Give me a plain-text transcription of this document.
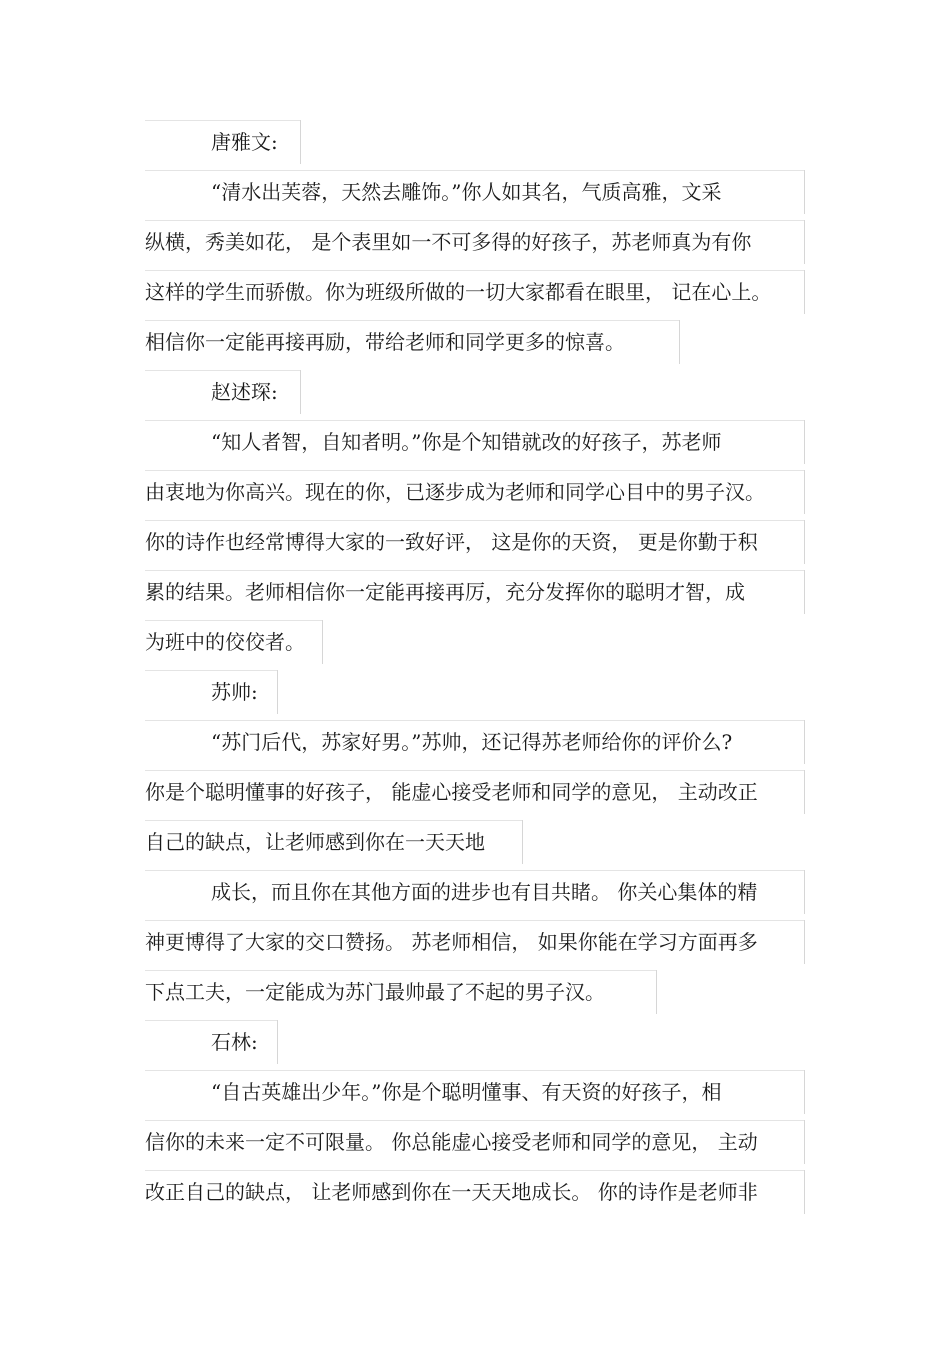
唐雅文:
“清水出芙蓉，天然去雕饰。”你人如其名，气质高雅，文采
纵横，秀美如花， 是个表里如一不可多得的好孩子，苏老师真为有你
这样的学生而骄傲。你为班级所做的一切大家都看在眼里， 记在心上。
相信你一定能再接再励，带给老师和同学更多的惊喜。
赵述琛:
“知人者智，自知者明。”你是个知错就改的好孩子，苏老师
由衷地为你高兴。现在的你，已逐步成为老师和同学心目中的男子汉。
你的诗作也经常博得大家的一致好评， 这是你的天资， 更是你勤于积
累的结果。老师相信你一定能再接再厉，充分发挥你的聪明才智，成
为班中的佼佼者。
苏帅:
“苏门后代，苏家好男。”苏帅，还记得苏老师给你的评价么?
你是个聪明懂事的好孩子， 能虚心接受老师和同学的意见， 主动改正
自己的缺点，让老师感到你在一天天地
成长，而且你在其他方面的进步也有目共睹。 你关心集体的精
神更博得了大家的交口赞扬。 苏老师相信， 如果你能在学习方面再多
下点工夫，一定能成为苏门最帅最了不起的男子汉。
石林:
“自古英雄出少年。”你是个聪明懂事、有天资的好孩子，相
信你的未来一定不可限量。 你总能虚心接受老师和同学的意见， 主动
改正自己的缺点， 让老师感到你在一天天地成长。 你的诗作是老师非
